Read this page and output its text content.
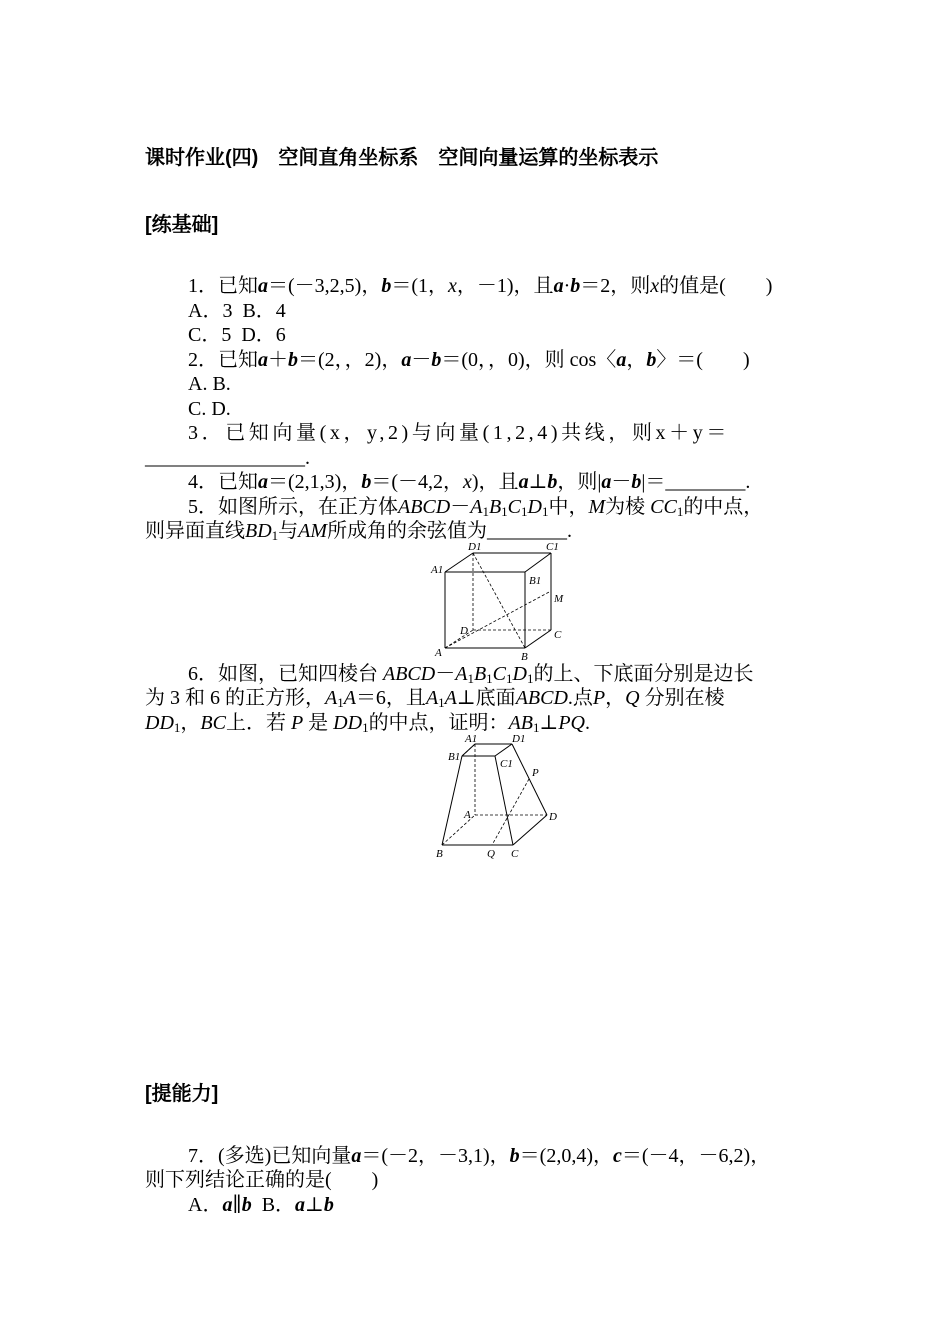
课时作业(四)　空间直角坐标系　空间向量运算的坐标表示
[练基础]
1．已知a＝(－3,2,5)，b＝(1，x，－1)，且a·b＝2，则x的值是(　　)
A．3 B．4
C．5 D．6
2．已知a＋b＝(2，，2)，a－b＝(0，，0)，则 cos〈a，b〉＝(　　)
A. B.
C. D.
3．已知向量(x，y,2)与向量(1,2,4)共线，则x＋y＝
________________.
4．已知a＝(2,1,3)，b＝(－4,2，x)，且a⊥b，则|a－b|＝________.
5．如图所示，在正方体$ABCD-A_1B_1C_1D_1$中，M为棱 $CC_1$的中点，
则异面直线$BD_1$与AM所成角的余弦值为________.
D1	C1
A1
B1
M
D	C
A	B
6．如图，已知四棱台 $ABCD-A_1B_1C_1D_1$的上、下底面分别是边长
为 3 和 6 的正方形，$A_1A=6$，且$A_1A\perp$底面ABCD.点P，Q 分别在棱
$DD_1$，BC上．若 P 是 $DD_1$的中点，证明：$AB_1\perp PQ$.
A1	D1
B1
C1
P
A	D
B	Q C
[提能力]
7．(多选)已知向量a＝(－2，－3,1)，b＝(2,0,4)，c＝(－4，－6,2)，
则下列结论正确的是(　　)
A．a∥b B．a⊥b
